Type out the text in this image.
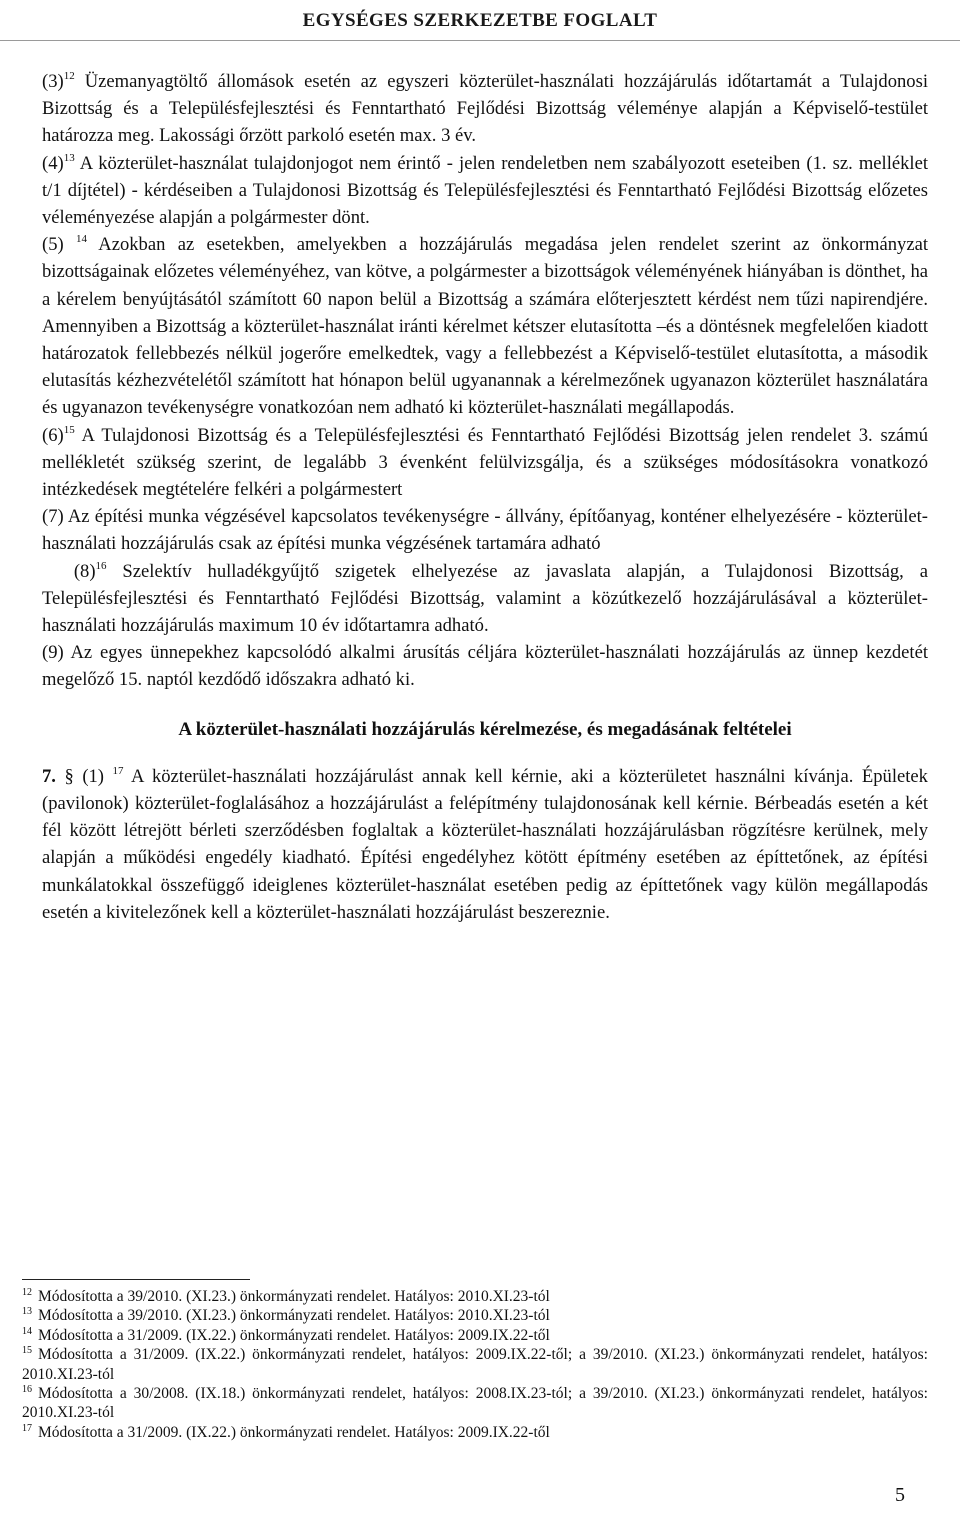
EGYSÉGES SZERKEZETBE FOGLALT

$(3)^{12}$ Üzemanyagtöltő állomások esetén az egyszeri közterület-használati hozzájárulás időtartamát a Tulajdonosi Bizottság és a Településfejlesztési és Fenntartható Fejlődési Bizottság véleménye alapján a Képviselő-testület határozza meg. Lakossági őrzött parkoló esetén max. 3 év.

$(4)^{13}$ A közterület-használat tulajdonjogot nem érintő - jelen rendeletben nem szabályozott eseteiben (1. sz. melléklet t/1 díjtétel) - kérdéseiben a Tulajdonosi Bizottság és Településfejlesztési és Fenntartható Fejlődési Bizottság előzetes véleményezése alapján a polgármester dönt.

(5) $^{14}$ Azokban az esetekben, amelyekben a hozzájárulás megadása jelen rendelet szerint az önkormányzat bizottságainak előzetes véleményéhez, van kötve, a polgármester a bizottságok véleményének hiányában is dönthet, ha a kérelem benyújtásától számított 60 napon belül a Bizottság a számára előterjesztett kérdést nem tűzi napirendjére. Amennyiben a Bizottság a közterület-használat iránti kérelmet kétszer elutasította –és a döntésnek megfelelően kiadott határozatok fellebbezés nélkül jogerőre emelkedtek, vagy a fellebbezést a Képviselő-testület elutasította, a második elutasítás kézhezvételétől számított hat hónapon belül ugyanannak a kérelmezőnek ugyanazon közterület használatára és ugyanazon tevékenységre vonatkozóan nem adható ki közterület-használati megállapodás.

$(6)^{15}$ A Tulajdonosi Bizottság és a Településfejlesztési és Fenntartható Fejlődési Bizottság jelen rendelet 3. számú mellékletét szükség szerint, de legalább 3 évenként felülvizsgálja, és a szükséges módosításokra vonatkozó intézkedések megtételére felkéri a polgármestert

(7) Az építési munka végzésével kapcsolatos tevékenységre - állvány, építőanyag, konténer elhelyezésére - közterület-használati hozzájárulás csak az építési munka végzésének tartamára adható

$(8)^{16}$ Szelektív hulladékgyűjtő szigetek elhelyezése az javaslata alapján, a Tulajdonosi Bizottság, a Településfejlesztési és Fenntartható Fejlődési Bizottság, valamint a közútkezelő hozzájárulásával a közterület-használati hozzájárulás maximum 10 év időtartamra adható.

(9) Az egyes ünnepekhez kapcsolódó alkalmi árusítás céljára közterület-használati hozzájárulás az ünnep kezdetét megelőző 15. naptól kezdődő időszakra adható ki.

A közterület-használati hozzájárulás kérelmezése, és megadásának feltételei

7. § (1) $^{17}$ A közterület-használati hozzájárulást annak kell kérnie, aki a közterületet használni kívánja. Épületek (pavilonok) közterület-foglalásához a hozzájárulást a felépítmény tulajdonosának kell kérnie. Bérbeadás esetén a két fél között létrejött bérleti szerződésben foglaltak a közterület-használati hozzájárulásban rögzítésre kerülnek, mely alapján a működési engedély kiadható. Építési engedélyhez kötött építmény esetében az építtetőnek, az építési munkálatokkal összefüggő ideiglenes közterület-használat esetében pedig az építtetőnek vagy külön megállapodás esetén a kivitelezőnek kell a közterület-használati hozzájárulást beszereznie.

$^{12}$ Módosította a 39/2010. (XI.23.) önkormányzati rendelet. Hatályos: 2010.XI.23-tól

$^{13}$ Módosította a 39/2010. (XI.23.) önkormányzati rendelet. Hatályos: 2010.XI.23-tól

$^{14}$ Módosította a 31/2009. (IX.22.) önkormányzati rendelet. Hatályos: 2009.IX.22-től

$^{15}$ Módosította a 31/2009. (IX.22.) önkormányzati rendelet, hatályos: 2009.IX.22-től; a 39/2010. (XI.23.) önkormányzati rendelet, hatályos: 2010.XI.23-tól

$^{16}$ Módosította a 30/2008. (IX.18.) önkormányzati rendelet, hatályos: 2008.IX.23-tól; a 39/2010. (XI.23.) önkormányzati rendelet, hatályos: 2010.XI.23-tól

$^{17}$ Módosította a 31/2009. (IX.22.) önkormányzati rendelet. Hatályos: 2009.IX.22-től

5
